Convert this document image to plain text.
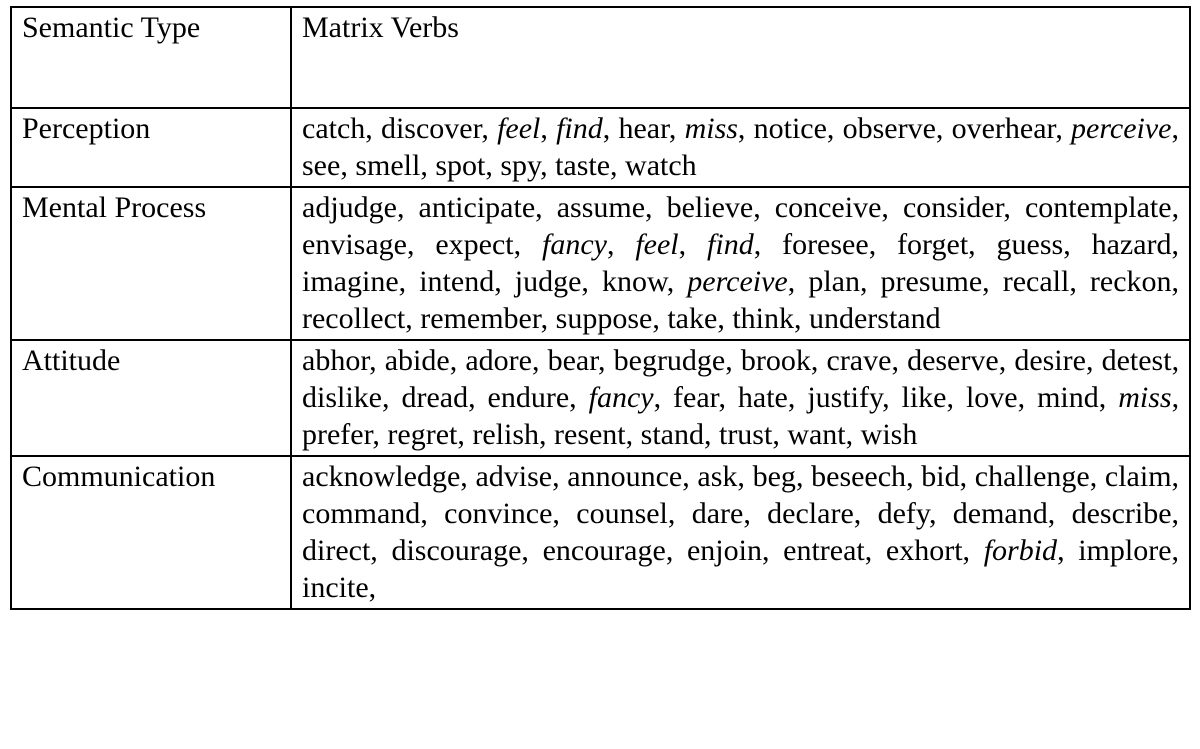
Semantic Type	Matrix Verbs
Perception	catch, discover, feel, find, hear, miss, notice, observe, overhear, perceive, see, smell, spot, spy, taste, watch
Mental Process	adjudge, anticipate, assume, believe, conceive, consider, contemplate, envisage, expect, fancy, feel, find, foresee, forget, guess, hazard, imagine, intend, judge, know, perceive, plan, presume, recall, reckon, recollect, remember, suppose, take, think, understand
Attitude	abhor, abide, adore, bear, begrudge, brook, crave, deserve, desire, detest, dislike, dread, endure, fancy, fear, hate, justify, like, love, mind, miss, prefer, regret, relish, resent, stand, trust, want, wish
Communication	acknowledge, advise, announce, ask, beg, beseech, bid, challenge, claim, command, convince, counsel, dare, declare, defy, demand, describe, direct, discourage, encourage, enjoin, entreat, exhort, forbid, implore, incite,
